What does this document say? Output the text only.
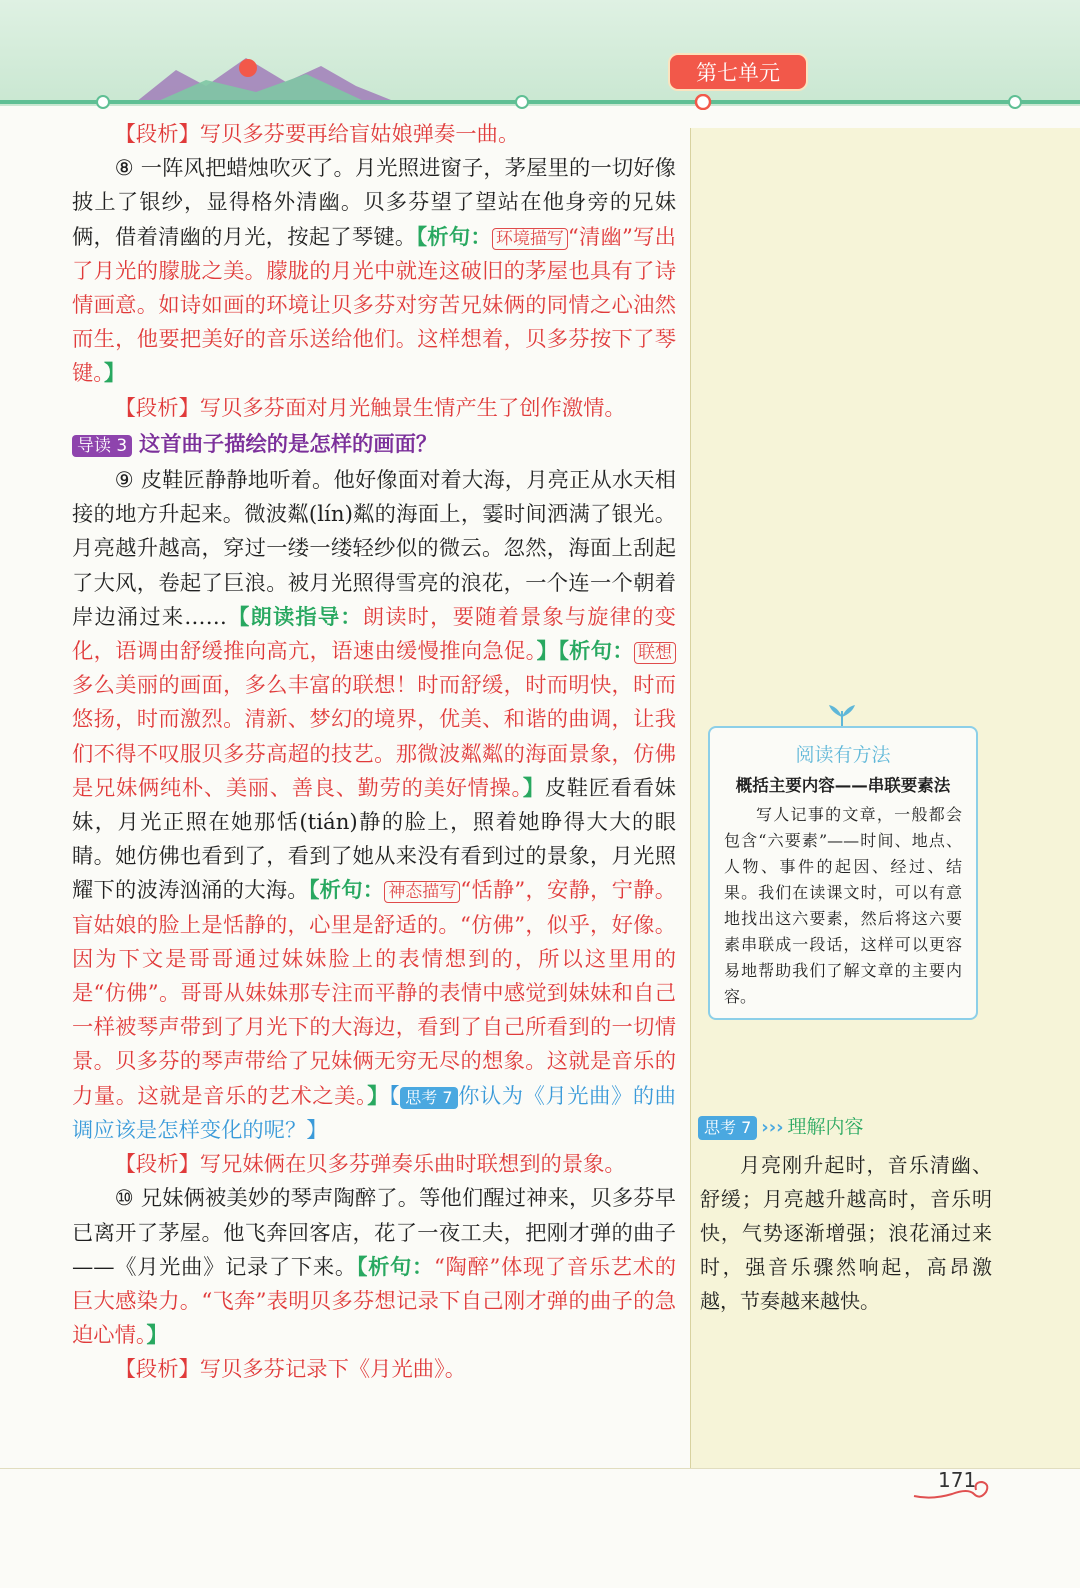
第七单元

【段析】写贝多芬要再给盲姑娘弹奏一曲。

⑧ 一阵风把蜡烛吹灭了。月光照进窗子，茅屋里的一切好像披上了银纱，显得格外清幽。贝多芬望了望站在他身旁的兄妹俩，借着清幽的月光，按起了琴键。【析句： 环境描写 “清幽”写出了月光的朦胧之美。朦胧的月光中就连这破旧的茅屋也具有了诗情画意。如诗如画的环境让贝多芬对穷苦兄妹俩的同情之心油然而生，他要把美好的音乐送给他们。这样想着，贝多芬按下了琴键。】

【段析】写贝多芬面对月光触景生情产生了创作激情。

导读 3 这首曲子描绘的是怎样的画面？

⑨ 皮鞋匠静静地听着。他好像面对着大海，月亮正从水天相接的地方升起来。微波粼(lín)粼的海面上，霎时间洒满了银光。月亮越升越高，穿过一缕一缕轻纱似的微云。忽然，海面上刮起了大风，卷起了巨浪。被月光照得雪亮的浪花，一个连一个朝着岸边涌过来……【朗读指导：朗读时，要随着景象与旋律的变化，语调由舒缓推向高亢，语速由缓慢推向急促。】【析句： 联想多么美丽的画面，多么丰富的联想！时而舒缓，时而明快，时而悠扬，时而激烈。清新、梦幻的境界，优美、和谐的曲调，让我们不得不叹服贝多芬高超的技艺。那微波粼粼的海面景象，仿佛是兄妹俩纯朴、美丽、善良、勤劳的美好情操。】皮鞋匠看看妹妹，月光正照在她那恬(tián)静的脸上，照着她睁得大大的眼睛。她仿佛也看到了，看到了她从来没有看到过的景象，月光照耀下的波涛汹涌的大海。【析句： 神态描写 “恬静”，安静，宁静。盲姑娘的脸上是恬静的，心里是舒适的。“仿佛”，似乎，好像。因为下文是哥哥通过妹妹脸上的表情想到的，所以这里用的是“仿佛”。哥哥从妹妹那专注而平静的表情中感觉到妹妹和自己一样被琴声带到了月光下的大海边，看到了自己所看到的一切情景。贝多芬的琴声带给了兄妹俩无穷无尽的想象。这就是音乐的力量。这就是音乐的艺术之美。】【 思考 7 你认为《月光曲》的曲调应该是怎样变化的呢？】

【段析】写兄妹俩在贝多芬弹奏乐曲时联想到的景象。

⑩ 兄妹俩被美妙的琴声陶醉了。等他们醒过神来，贝多芬早已离开了茅屋。他飞奔回客店，花了一夜工夫，把刚才弹的曲子——《月光曲》记录了下来。【析句：“陶醉”体现了音乐艺术的巨大感染力。“飞奔”表明贝多芬想记录下自己刚才弹的曲子的急迫心情。】

【段析】写贝多芬记录下《月光曲》。

阅读有方法

概括主要内容——串联要素法

写人记事的文章，一般都会包含“六要素”——时间、地点、人物、事件的起因、经过、结果。我们在读课文时，可以有意地找出这六要素，然后将这六要素串联成一段话，这样可以更容易地帮助我们了解文章的主要内容。

思考 7 ››› 理解内容

月亮刚升起时，音乐清幽、舒缓；月亮越升越高时，音乐明快，气势逐渐增强；浪花涌过来时，强音乐骤然响起，高昂激越，节奏越来越快。

171
